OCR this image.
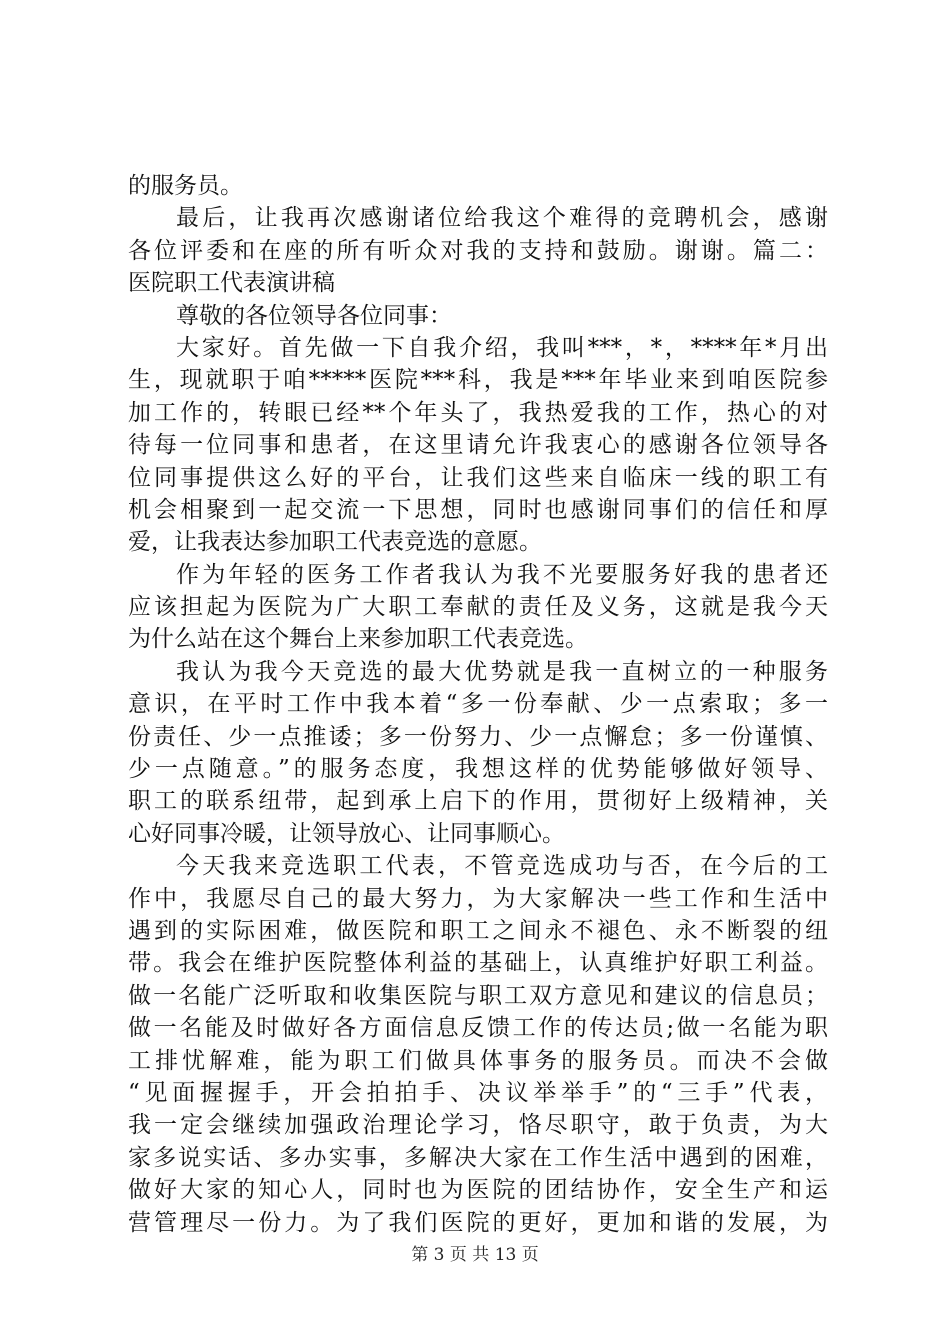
的服务员。
最后，让我再次感谢诸位给我这个难得的竞聘机会，感谢
各位评委和在座的所有听众对我的支持和鼓励。谢谢。篇二：
医院职工代表演讲稿
尊敬的各位领导各位同事：
大家好。首先做一下自我介绍，我叫***，*，****年*月出
生，现就职于咱*****医院***科，我是***年毕业来到咱医院参
加工作的，转眼已经**个年头了，我热爱我的工作，热心的对
待每一位同事和患者，在这里请允许我衷心的感谢各位领导各
位同事提供这么好的平台，让我们这些来自临床一线的职工有
机会相聚到一起交流一下思想，同时也感谢同事们的信任和厚
爱，让我表达参加职工代表竞选的意愿。
作为年轻的医务工作者我认为我不光要服务好我的患者还
应该担起为医院为广大职工奉献的责任及义务，这就是我今天
为什么站在这个舞台上来参加职工代表竞选。
我认为我今天竞选的最大优势就是我一直树立的一种服务
意识，在平时工作中我本着“多一份奉献、少一点索取；多一
份责任、少一点推诿；多一份努力、少一点懈怠；多一份谨慎、
少一点随意。”的服务态度，我想这样的优势能够做好领导、
职工的联系纽带，起到承上启下的作用，贯彻好上级精神，关
心好同事冷暖，让领导放心、让同事顺心。
今天我来竞选职工代表，不管竞选成功与否，在今后的工
作中，我愿尽自己的最大努力，为大家解决一些工作和生活中
遇到的实际困难，做医院和职工之间永不褪色、永不断裂的纽
带。我会在维护医院整体利益的基础上，认真维护好职工利益。
做一名能广泛听取和收集医院与职工双方意见和建议的信息员；
做一名能及时做好各方面信息反馈工作的传达员;做一名能为职
工排忧解难，能为职工们做具体事务的服务员。而决不会做
“见面握握手，开会拍拍手、决议举举手”的“三手”代表，
我一定会继续加强政治理论学习，恪尽职守，敢于负责，为大
家多说实话、多办实事，多解决大家在工作生活中遇到的困难，
做好大家的知心人，同时也为医院的团结协作，安全生产和运
营管理尽一份力。为了我们医院的更好，更加和谐的发展，为
第 3 页 共 13 页
